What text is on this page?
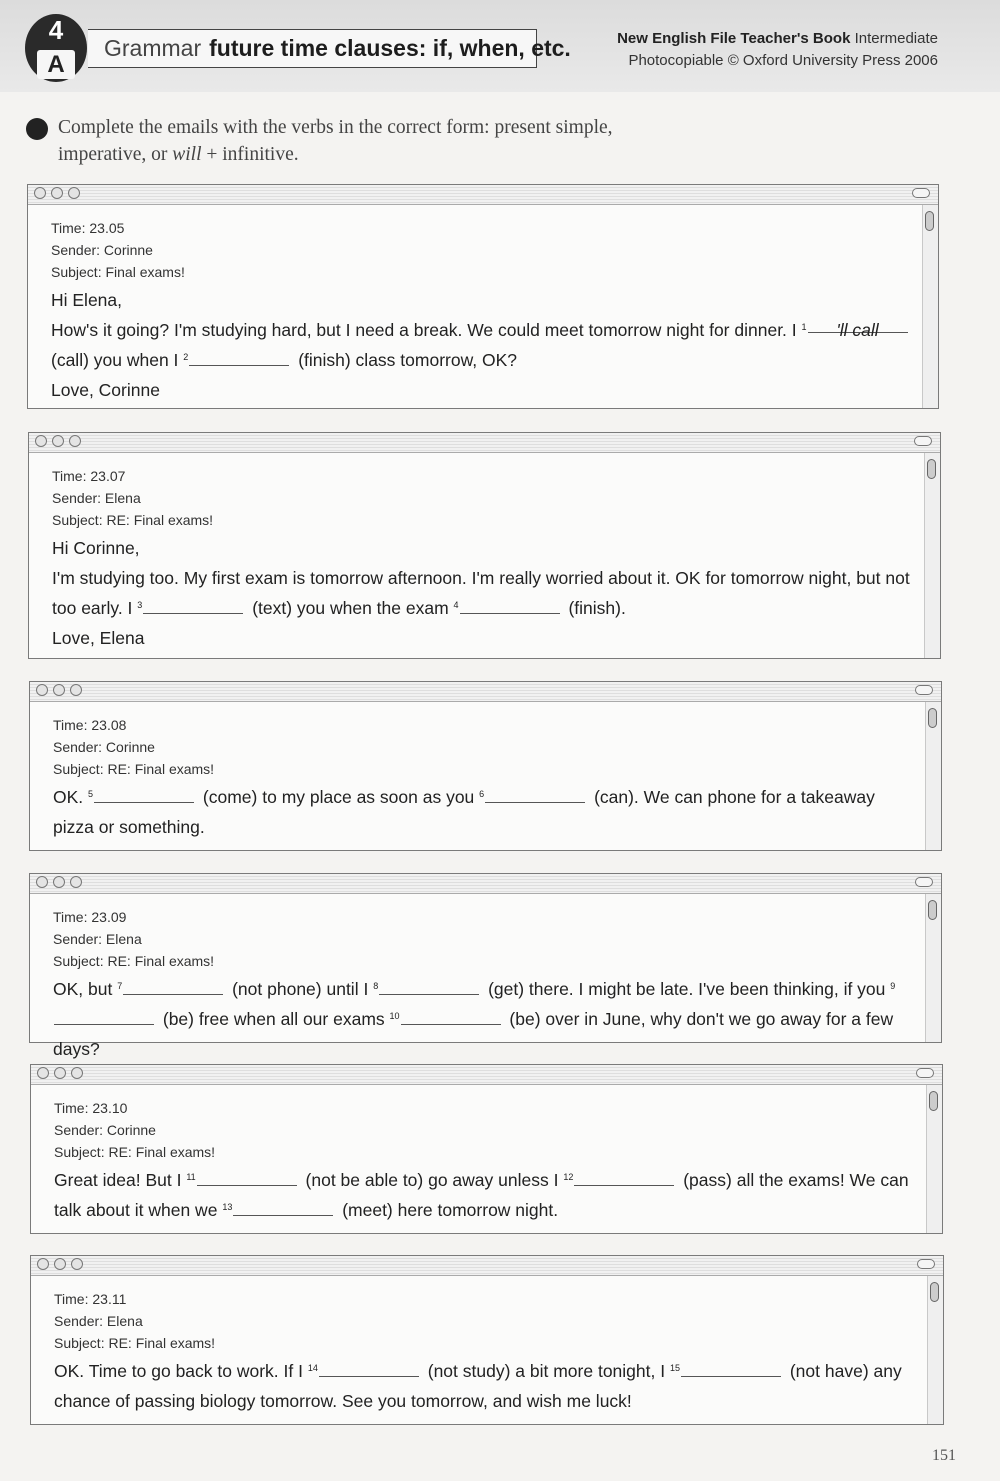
4
A
Grammar future time clauses: if, when, etc.	New English File Teacher's Book Intermediate
Photocopiable © Oxford University Press 2006
Complete the emails with the verbs in the correct form: present simple,
imperative, or will + infinitive.
Time: 23.05
Sender: Corinne
Subject: Final exams!

Hi Elena,

How's it going? I'm studying hard, but I need a break. We could meet tomorrow night for dinner. I $^1$ 'll call (call) you when I $^2$	(finish) class tomorrow, OK?

Love, Corinne

Time: 23.07
Sender: Elena
Subject: RE: Final exams!

Hi Corinne,

I'm studying too. My first exam is tomorrow afternoon. I'm really worried about it. OK for tomorrow night, but not too early. I $^3$	(text) you when the exam $^4$	(finish).

Love, Elena

Time: 23.08
Sender: Corinne
Subject: RE: Final exams!

OK. $^5$	(come) to my place as soon as you $^6$	(can). We can phone for a takeaway pizza or something.

Time: 23.09
Sender: Elena
Subject: RE: Final exams!

OK, but $^7$	(not phone) until I $^8$	(get) there. I might be late. I've been thinking, if you $^9$ (be) free when all our exams $^{10}$	(be) over in June, why don't we go away for a few days?

Time: 23.10
Sender: Corinne
Subject: RE: Final exams!

Great idea! But I $^{11}$	(not be able to) go away unless I $^{12}$	(pass) all the exams! We can talk about it when we $^{13}$	(meet) here tomorrow night.

Time: 23.11
Sender: Elena
Subject: RE: Final exams!

OK. Time to go back to work. If I $^{14}$	(not study) a bit more tonight, I $^{15}$	(not have) any chance of passing biology tomorrow. See you tomorrow, and wish me luck!

151
